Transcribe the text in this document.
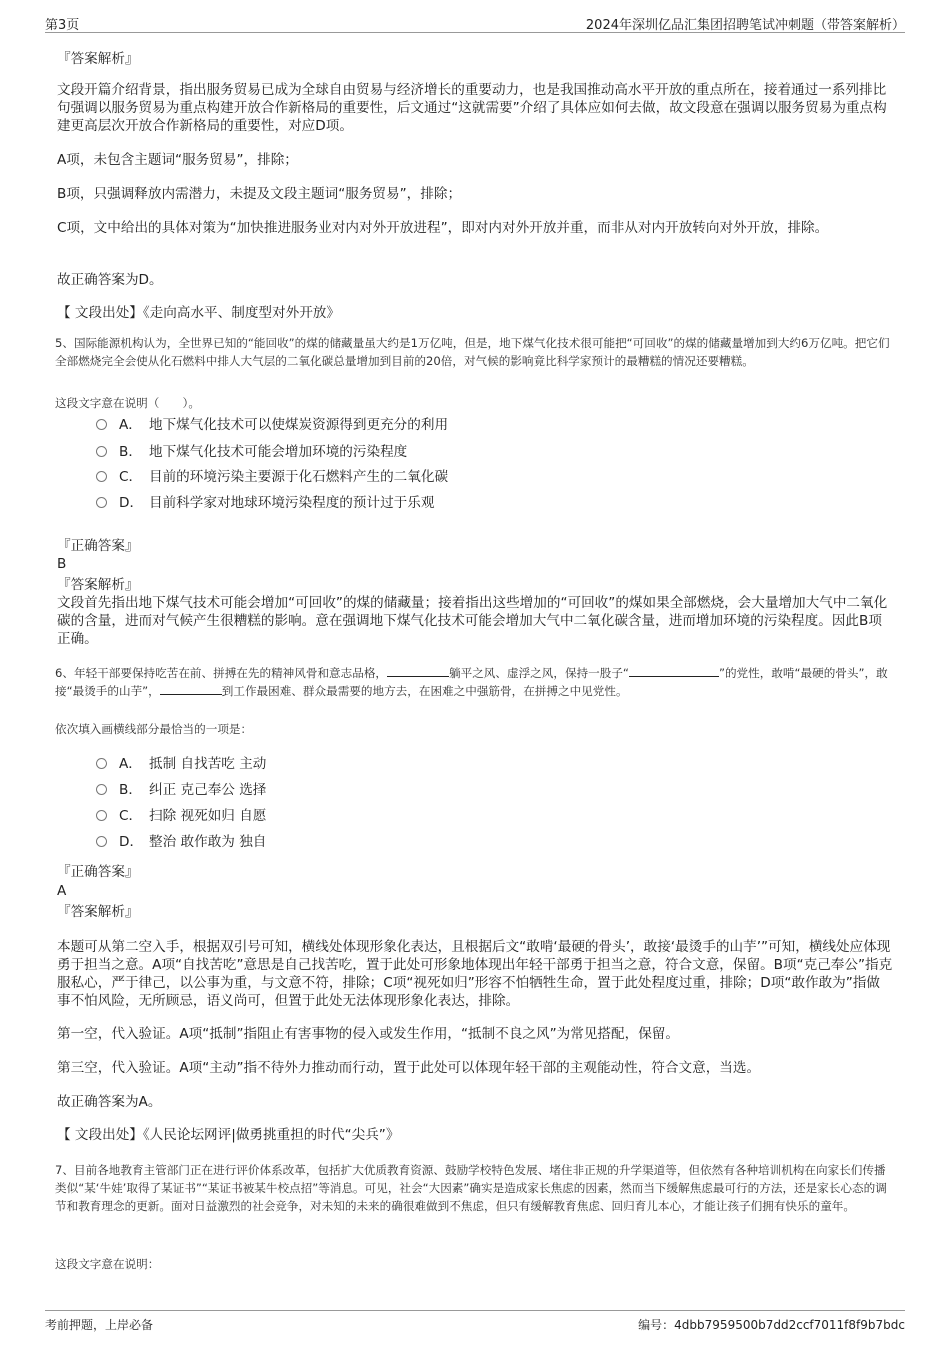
第3页	2024年深圳亿品汇集团招聘笔试冲刺题（带答案解析）
『答案解析』

文段开篇介绍背景，指出服务贸易已成为全球自由贸易与经济增长的重要动力，也是我国推动高水平开放的重点所在，接着通过一系列排比句强调以服务贸易为重点构建开放合作新格局的重要性，后文通过“这就需要”介绍了具体应如何去做，故文段意在强调以服务贸易为重点构建更高层次开放合作新格局的重要性，对应D项。

A项，未包含主题词“服务贸易”，排除；

B项，只强调释放内需潜力，未提及文段主题词“服务贸易”，排除；

C项，文中给出的具体对策为“加快推进服务业对内对外开放进程”，即对内对外开放并重，而非从对内开放转向对外开放，排除。

故正确答案为D。

【 文段出处】《走向高水平、制度型对外开放》

5、国际能源机构认为，全世界已知的“能回收”的煤的储藏量虽大约是1万亿吨，但是，地下煤气化技术很可能把“可回收”的煤的储藏量增加到大约6万亿吨。把它们全部燃烧完全会使从化石燃料中排人大气层的二氧化碳总量增加到目前的20倍，对气候的影响竟比科学家预计的最糟糕的情况还要糟糕。

这段文字意在说明（　　）。

A． 地下煤气化技术可以使煤炭资源得到更充分的利用
B． 地下煤气化技术可能会增加环境的污染程度
C． 目前的环境污染主要源于化石燃料产生的二氧化碳
D． 目前科学家对地球环境污染程度的预计过于乐观
『正确答案』
B
『答案解析』

文段首先指出地下煤气技术可能会增加“可回收”的煤的储藏量；接着指出这些增加的“可回收”的煤如果全部燃烧，会大量增加大气中二氧化碳的含量，进而对气候产生很糟糕的影响。意在强调地下煤气化技术可能会增加大气中二氧化碳含量，进而增加环境的污染程度。因此B项正确。

6、年轻干部要保持吃苦在前、拼搏在先的精神风骨和意志品格，	躺平之风、虚浮之风，保持一股子“	”的党性，敢啃“最硬的骨头”，敢接“最烫手的山芋”，	到工作最困难、群众最需要的地方去，在困难之中强筋骨，在拼搏之中见党性。

依次填入画横线部分最恰当的一项是：

A． 抵制 自找苦吃 主动
B． 纠正 克己奉公 选择
C． 扫除 视死如归 自愿
D． 整治 敢作敢为 独自
『正确答案』
A
『答案解析』

本题可从第二空入手，根据双引号可知，横线处体现形象化表达，且根据后文“敢啃‘最硬的骨头’，敢接‘最烫手的山芋’”可知，横线处应体现勇于担当之意。A项“自找苦吃”意思是自己找苦吃，置于此处可形象地体现出年轻干部勇于担当之意，符合文意，保留。B项“克己奉公”指克服私心，严于律己，以公事为重，与文意不符，排除；C项“视死如归”形容不怕牺牲生命，置于此处程度过重，排除；D项“敢作敢为”指做事不怕风险，无所顾忌，语义尚可，但置于此处无法体现形象化表达，排除。

第一空，代入验证。A项“抵制”指阻止有害事物的侵入或发生作用，“抵制不良之风”为常见搭配，保留。

第三空，代入验证。A项“主动”指不待外力推动而行动，置于此处可以体现年轻干部的主观能动性，符合文意，当选。

故正确答案为A。

【 文段出处】《人民论坛网评|做勇挑重担的时代“尖兵”》

7、目前各地教育主管部门正在进行评价体系改革，包括扩大优质教育资源、鼓励学校特色发展、堵住非正规的升学渠道等，但依然有各种培训机构在向家长们传播类似“某‘牛娃’取得了某证书”“某证书被某牛校点招”等消息。可见，社会“大因素”确实是造成家长焦虑的因素，然而当下缓解焦虑最可行的方法，还是家长心态的调节和教育理念的更新。面对日益激烈的社会竞争，对未知的未来的确很难做到不焦虑，但只有缓解教育焦虑、回归育儿本心，才能让孩子们拥有快乐的童年。

这段文字意在说明：

考前押题，上岸必备	编号：4dbb7959500b7dd2ccf7011f8f9b7bdc
